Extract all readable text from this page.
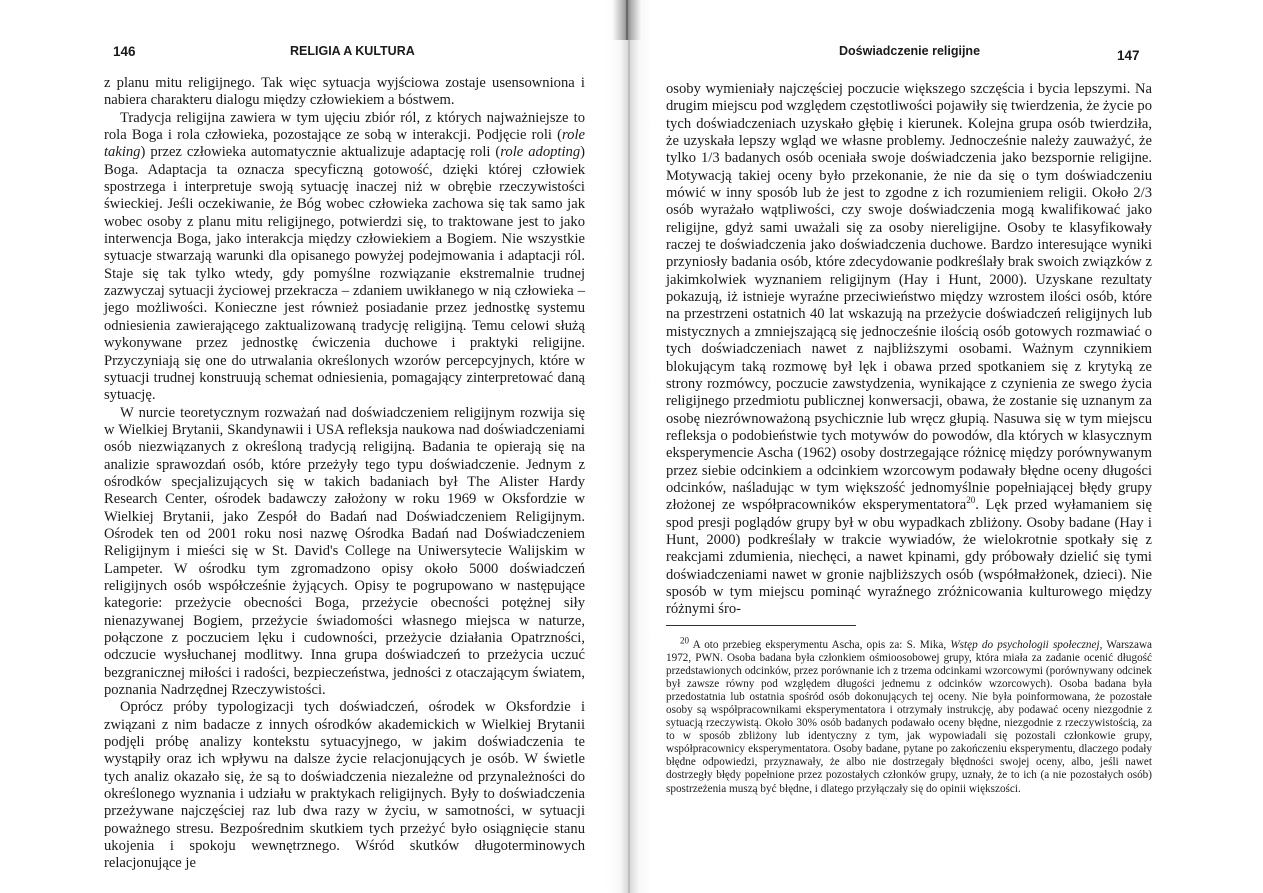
146	RELIGIA A KULTURA

z planu mitu religijnego. Tak więc sytuacja wyjściowa zostaje usensowniona i nabiera charakteru dialogu między człowiekiem a bóstwem.

Tradycja religijna zawiera w tym ujęciu zbiór ról, z których najważniejsze to rola Boga i rola człowieka, pozostające ze sobą w interakcji. Podjęcie roli (role taking) przez człowieka automatycznie aktualizuje adaptację roli (role adopting) Boga. Adaptacja ta oznacza specyficzną gotowość, dzięki której człowiek spostrzega i interpretuje swoją sytuację inaczej niż w obrębie rzeczywistości świeckiej. Jeśli oczekiwanie, że Bóg wobec człowieka zachowa się tak samo jak wobec osoby z planu mitu religijnego, potwierdzi się, to traktowane jest to jako interwencja Boga, jako interakcja między człowiekiem a Bogiem. Nie wszystkie sytuacje stwarzają warunki dla opisanego powyżej podejmowania i adaptacji ról. Staje się tak tylko wtedy, gdy pomyślne rozwiązanie ekstremalnie trudnej zazwyczaj sytuacji życiowej przekracza – zdaniem uwikłanego w nią człowieka – jego możliwości. Konieczne jest również posiadanie przez jednostkę systemu odniesienia zawierającego zaktualizowaną tradycję religijną. Temu celowi służą wykonywane przez jednostkę ćwiczenia duchowe i praktyki religijne. Przyczyniają się one do utrwalania określonych wzorów percepcyjnych, które w sytuacji trudnej konstruują schemat odniesienia, pomagający zinterpretować daną sytuację.

W nurcie teoretycznym rozważań nad doświadczeniem religijnym rozwija się w Wielkiej Brytanii, Skandynawii i USA refleksja naukowa nad doświadczeniami osób niezwiązanych z określoną tradycją religijną. Badania te opierają się na analizie sprawozdań osób, które przeżyły tego typu doświadczenie. Jednym z ośrodków specjalizujących się w takich badaniach był The Alister Hardy Research Center, ośrodek badawczy założony w roku 1969 w Oksfordzie w Wielkiej Brytanii, jako Zespół do Badań nad Doświadczeniem Religijnym. Ośrodek ten od 2001 roku nosi nazwę Ośrodka Badań nad Doświadczeniem Religijnym i mieści się w St. David's College na Uniwersytecie Walijskim w Lampeter. W ośrodku tym zgromadzono opisy około 5000 doświadczeń religijnych osób współcześnie żyjących. Opisy te pogrupowano w następujące kategorie: przeżycie obecności Boga, przeżycie obecności potężnej siły nienazywanej Bogiem, przeżycie świadomości własnego miejsca w naturze, połączone z poczuciem lęku i cudowności, przeżycie działania Opatrzności, odczucie wysłuchanej modlitwy. Inna grupa doświadczeń to przeżycia uczuć bezgranicznej miłości i radości, bezpieczeństwa, jedności z otaczającym światem, poznania Nadrzędnej Rzeczywistości.

Oprócz próby typologizacji tych doświadczeń, ośrodek w Oksfordzie i związani z nim badacze z innych ośrodków akademickich w Wielkiej Brytanii podjęli próbę analizy kontekstu sytuacyjnego, w jakim doświadczenia te wystąpiły oraz ich wpływu na dalsze życie relacjonujących je osób. W świetle tych analiz okazało się, że są to doświadczenia niezależne od przynależności do określonego wyznania i udziału w praktykach religijnych. Były to doświadczenia przeżywane najczęściej raz lub dwa razy w życiu, w samotności, w sytuacji poważnego stresu. Bezpośrednim skutkiem tych przeżyć było osiągnięcie stanu ukojenia i spokoju wewnętrznego. Wśród skutków długoterminowych relacjonujące je

Doświadczenie religijne	147

osoby wymieniały najczęściej poczucie większego szczęścia i bycia lepszymi. Na drugim miejscu pod względem częstotliwości pojawiły się twierdzenia, że życie po tych doświadczeniach uzyskało głębię i kierunek. Kolejna grupa osób twierdziła, że uzyskała lepszy wgląd we własne problemy. Jednocześnie należy zauważyć, że tylko 1/3 badanych osób oceniała swoje doświadczenia jako bezspornie religijne. Motywacją takiej oceny było przekonanie, że nie da się o tym doświadczeniu mówić w inny sposób lub że jest to zgodne z ich rozumieniem religii. Około 2/3 osób wyrażało wątpliwości, czy swoje doświadczenia mogą kwalifikować jako religijne, gdyż sami uważali się za osoby niereligijne. Osoby te klasyfikowały raczej te doświadczenia jako doświadczenia duchowe. Bardzo interesujące wyniki przyniosły badania osób, które zdecydowanie podkreślały brak swoich związków z jakimkolwiek wyznaniem religijnym (Hay i Hunt, 2000). Uzyskane rezultaty pokazują, iż istnieje wyraźne przeciwieństwo między wzrostem ilości osób, które na przestrzeni ostatnich 40 lat wskazują na przeżycie doświadczeń religijnych lub mistycznych a zmniejszającą się jednocześnie ilością osób gotowych rozmawiać o tych doświadczeniach nawet z najbliższymi osobami. Ważnym czynnikiem blokującym taką rozmowę był lęk i obawa przed spotkaniem się z krytyką ze strony rozmówcy, poczucie zawstydzenia, wynikające z czynienia ze swego życia religijnego przedmiotu publicznej konwersacji, obawa, że zostanie się uznanym za osobę niezrównoważoną psychicznie lub wręcz głupią. Nasuwa się w tym miejscu refleksja o podobieństwie tych motywów do powodów, dla których w klasycznym eksperymencie Ascha (1962) osoby dostrzegające różnicę między porównywanym przez siebie odcinkiem a odcinkiem wzorcowym podawały błędne oceny długości odcinków, naśladując w tym większość jednomyślnie popełniającej błędy grupy złożonej ze współpracowników eksperymentatora$^{20}$. Lęk przed wyłamaniem się spod presji poglądów grupy był w obu wypadkach zbliżony. Osoby badane (Hay i Hunt, 2000) podkreślały w trakcie wywiadów, że wielokrotnie spotkały się z reakcjami zdumienia, niechęci, a nawet kpinami, gdy próbowały dzielić się tymi doświadczeniami nawet w gronie najbliższych osób (współmałżonek, dzieci). Nie sposób w tym miejscu pominąć wyraźnego zróżnicowania kulturowego między różnymi śro-

$^{20}$ A oto przebieg eksperymentu Ascha, opis za: S. Mika, Wstęp do psychologii społecznej, Warszawa 1972, PWN. Osoba badana była członkiem ośmioosobowej grupy, która miała za zadanie ocenić długość przedstawionych odcinków, przez porównanie ich z trzema odcinkami wzorcowymi (porównywany odcinek był zawsze równy pod względem długości jednemu z odcinków wzorcowych). Osoba badana była przedostatnia lub ostatnia spośród osób dokonujących tej oceny. Nie była poinformowana, że pozostałe osoby są współpracownikami eksperymentatora i otrzymały instrukcję, aby podawać oceny niezgodnie z sytuacją rzeczywistą. Około 30% osób badanych podawało oceny błędne, niezgodnie z rzeczywistością, za to w sposób zbliżony lub identyczny z tym, jak wypowiadali się pozostali członkowie grupy, współpracownicy eksperymentatora. Osoby badane, pytane po zakończeniu eksperymentu, dlaczego podały błędne odpowiedzi, przyznawały, że albo nie dostrzegały błędności swojej oceny, albo, jeśli nawet dostrzegły błędy popełnione przez pozostałych członków grupy, uznały, że to ich (a nie pozostałych osób) spostrzeżenia muszą być błędne, i dlatego przyłączały się do opinii większości.
